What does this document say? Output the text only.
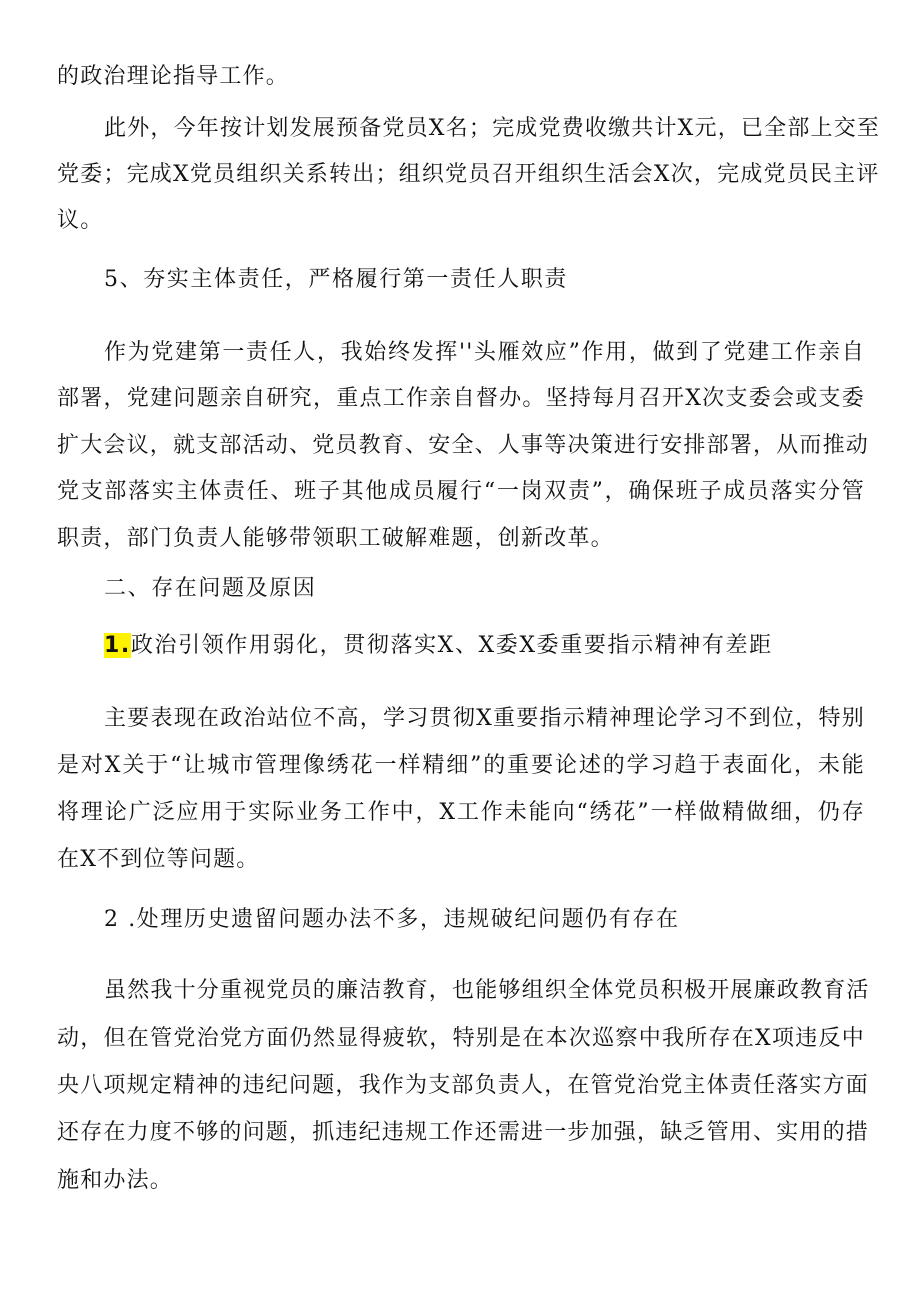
的政治理论指导工作。
此外，今年按计划发展预备党员X名；完成党费收缴共计X元，已全部上交至
党委；完成X党员组织关系转出；组织党员召开组织生活会X次，完成党员民主评
议。
5、夯实主体责任，严格履行第一责任人职责
作为党建第一责任人，我始终发挥''头雁效应”作用，做到了党建工作亲自
部署，党建问题亲自研究，重点工作亲自督办。坚持每月召开X次支委会或支委
扩大会议，就支部活动、党员教育、安全、人事等决策进行安排部署，从而推动
党支部落实主体责任、班子其他成员履行“一岗双责”，确保班子成员落实分管
职责，部门负责人能够带领职工破解难题，创新改革。
二、存在问题及原因
1.政治引领作用弱化，贯彻落实X、X委X委重要指示精神有差距
主要表现在政治站位不高，学习贯彻X重要指示精神理论学习不到位，特别
是对X关于“让城市管理像绣花一样精细”的重要论述的学习趋于表面化，未能
将理论广泛应用于实际业务工作中，X工作未能向“绣花”一样做精做细，仍存
在X不到位等问题。
2 .处理历史遗留问题办法不多，违规破纪问题仍有存在
虽然我十分重视党员的廉洁教育，也能够组织全体党员积极开展廉政教育活
动，但在管党治党方面仍然显得疲软，特别是在本次巡察中我所存在X项违反中
央八项规定精神的违纪问题，我作为支部负责人，在管党治党主体责任落实方面
还存在力度不够的问题，抓违纪违规工作还需进一步加强，缺乏管用、实用的措
施和办法。
